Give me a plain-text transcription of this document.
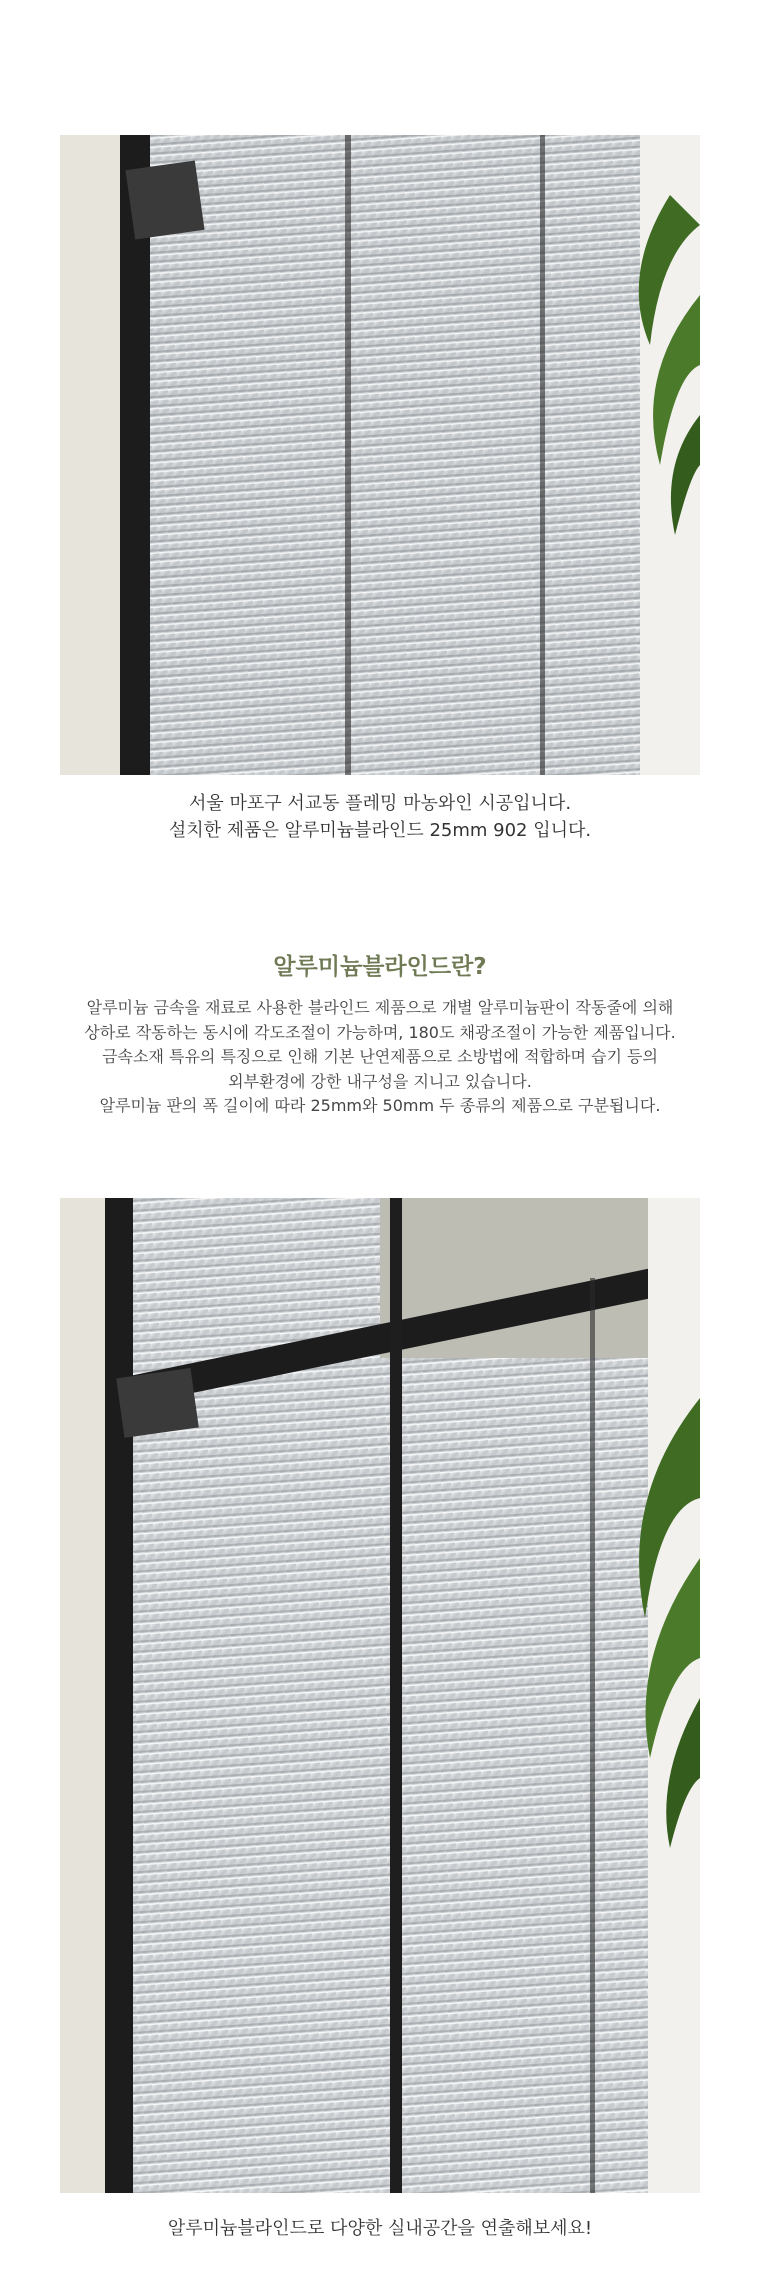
서울 마포구 서교동 플레밍 마농와인 시공입니다.

설치한 제품은 알루미늄블라인드 25mm 902 입니다.

알루미늄블라인드란?

알루미늄 금속을 재료로 사용한 블라인드 제품으로 개별 알루미늄판이 작동줄에 의해

상하로 작동하는 동시에 각도조절이 가능하며, 180도 채광조절이 가능한 제품입니다.

금속소재 특유의 특징으로 인해 기본 난연제품으로 소방법에 적합하며 습기 등의

외부환경에 강한 내구성을 지니고 있습니다.

알루미늄 판의 폭 길이에 따라 25mm와 50mm 두 종류의 제품으로 구분됩니다.

알루미늄블라인드로 다양한 실내공간을 연출해보세요!
